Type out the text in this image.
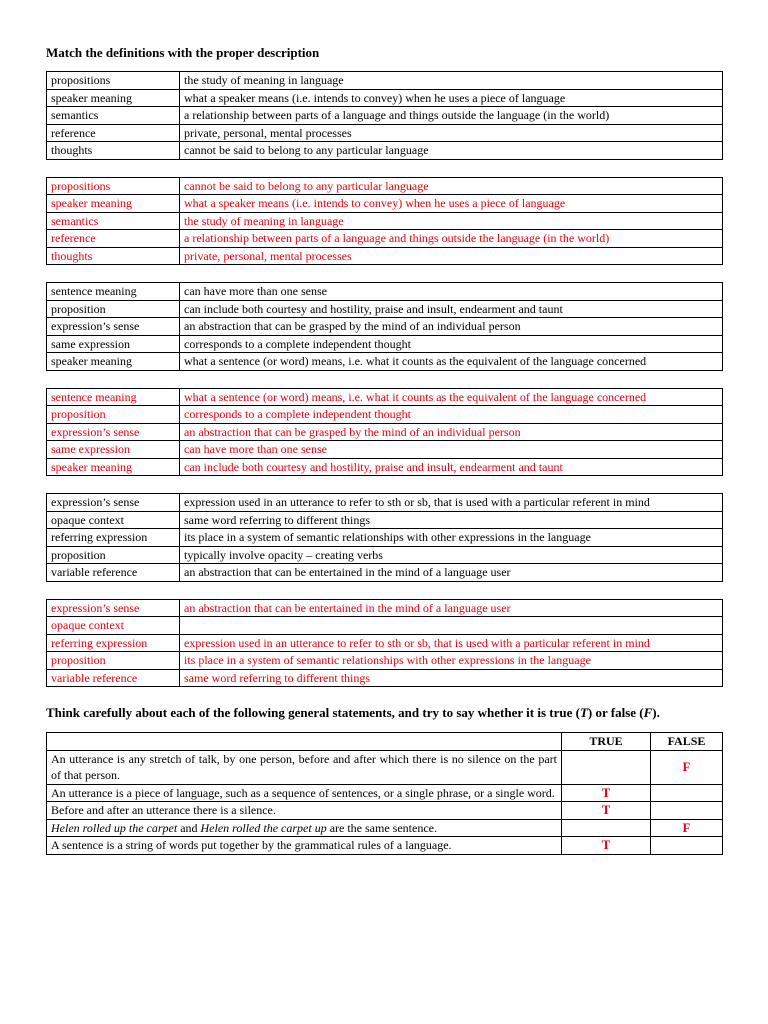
Match the definitions with the proper description
propositions	the study of meaning in language
speaker meaning	what a speaker means (i.e. intends to convey) when he uses a piece of language
semantics	a relationship between parts of a language and things outside the language (in the world)
reference	private, personal, mental processes
thoughts	cannot be said to belong to any particular language
propositions	cannot be said to belong to any particular language
speaker meaning	what a speaker means (i.e. intends to convey) when he uses a piece of language
semantics	the study of meaning in language
reference	a relationship between parts of a language and things outside the language (in the world)
thoughts	private, personal, mental processes
sentence meaning	can have more than one sense
proposition	can include both courtesy and hostility, praise and insult, endearment and taunt
expression’s sense	an abstraction that can be grasped by the mind of an individual person
same expression	corresponds to a complete independent thought
speaker meaning	what a sentence (or word) means, i.e. what it counts as the equivalent of the language concerned
sentence meaning	what a sentence (or word) means, i.e. what it counts as the equivalent of the language concerned
proposition	corresponds to a complete independent thought
expression’s sense	an abstraction that can be grasped by the mind of an individual person
same expression	can have more than one sense
speaker meaning	can include both courtesy and hostility, praise and insult, endearment and taunt
expression’s sense	expression used in an utterance to refer to sth or sb, that is used with a particular referent in mind
opaque context	same word referring to different things
referring expression	its place in a system of semantic relationships with other expressions in the language
proposition	typically involve opacity – creating verbs
variable reference	an abstraction that can be entertained in the mind of a language user
expression’s sense	an abstraction that can be entertained in the mind of a language user
opaque context	
referring expression	expression used in an utterance to refer to sth or sb, that is used with a particular referent in mind
proposition	its place in a system of semantic relationships with other expressions in the language
variable reference	same word referring to different things
Think carefully about each of the following general statements, and try to say whether it is true (T) or false (F).
	TRUE	FALSE
An utterance is any stretch of talk, by one person, before and after which there is no silence on the part of that person.		F
An utterance is a piece of language, such as a sequence of sentences, or a single phrase, or a single word.	T	
Before and after an utterance there is a silence.	T	
Helen rolled up the carpet and Helen rolled the carpet up are the same sentence.		F
A sentence is a string of words put together by the grammatical rules of a language.	T	
